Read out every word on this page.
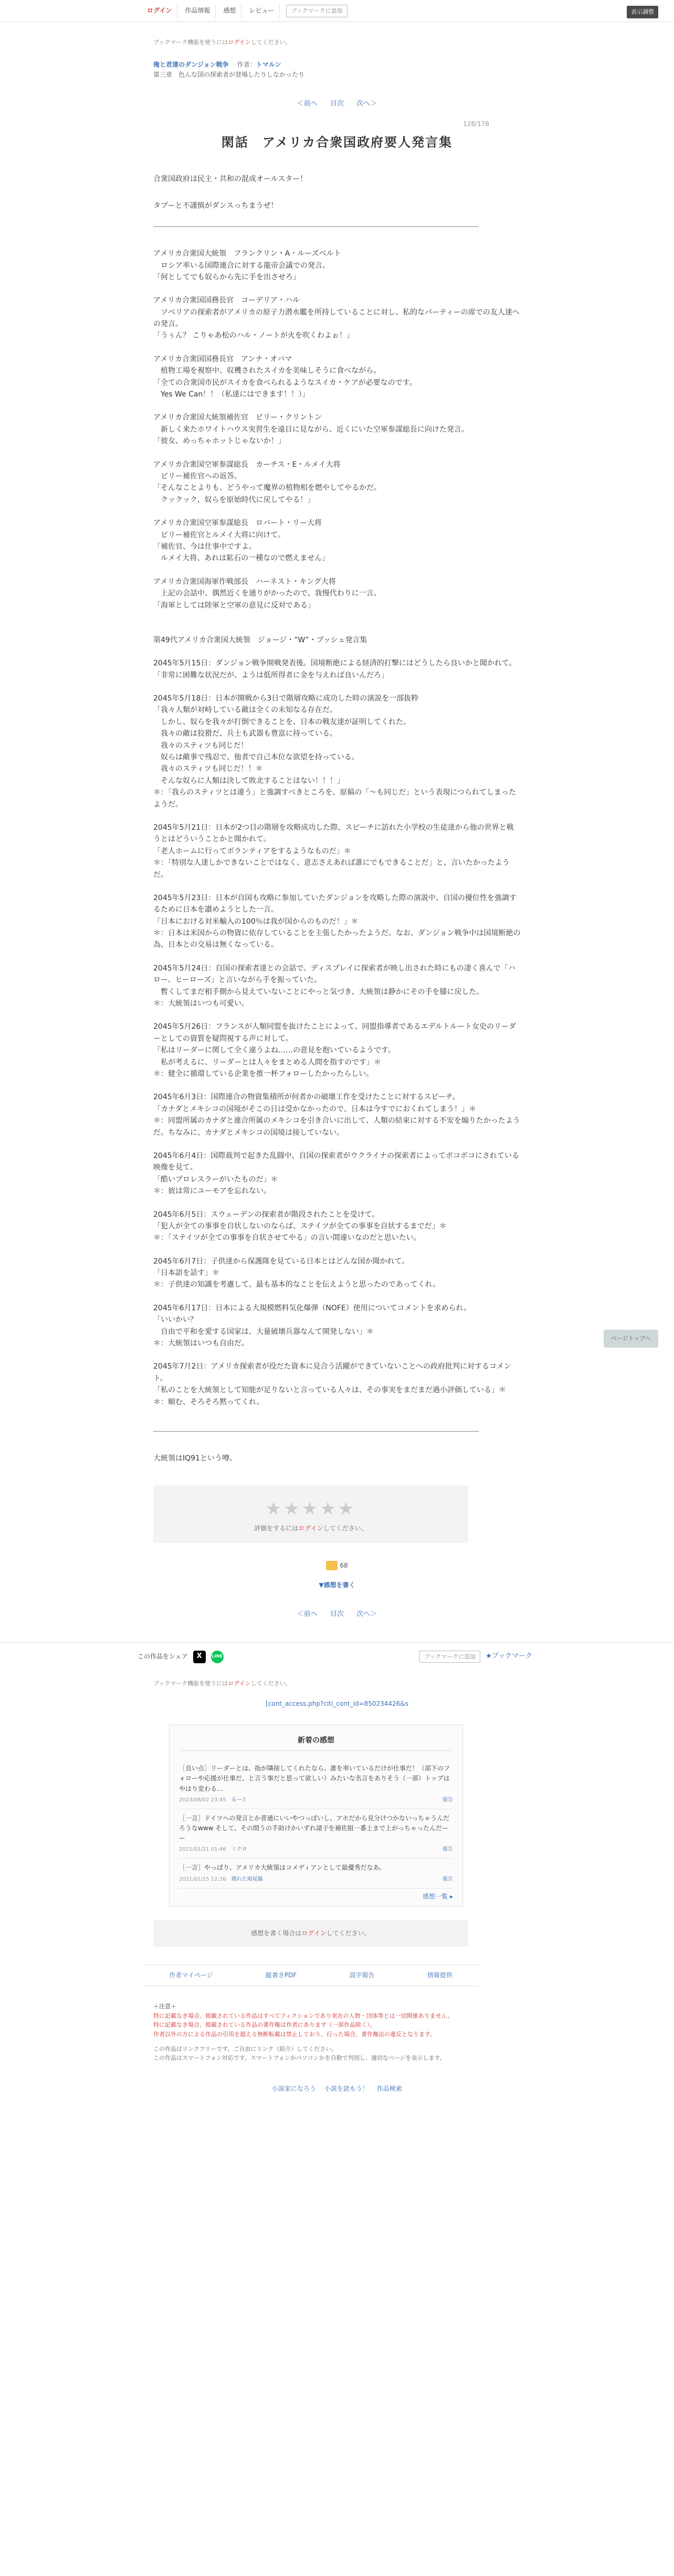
ログイン	作品情報	感想	レビュー	ブックマークに追加	表示調整
ブックマーク機能を使うにはログインしてください。
俺と君達のダンジョン戦争 作者：トマルン
第三章　色んな国の探索者が登場したりしなかったり
＜前へ 目次 次へ＞
128/178
閑話　アメリカ合衆国政府要人発言集

合衆国政府は民主・共和の混成オールスター！

タブーと不謹慎がダンスっちまうぜ！

アメリカ合衆国大統領　フランクリン・A・ルーズベルト

　ロシア率いる国際連合に対する龍帝会議での発言。

「何としてでも奴らから先に手を出させろ」

アメリカ合衆国国務長官　コーデリア・ハル

　ソベリアの探索者がアメリカの原子力潜水艦を所持していることに対し、私的なパーティーの席での友人達への発言。

「うぅん？ こりゃあ松のハル・ノートが火を吹くわよぉ！」

アメリカ合衆国国務長官　アンナ・オバマ

　植物工場を視察中、収穫されたスイカを美味しそうに食べながら。

「全ての合衆国市民がスイカを食べられるようなスイカ・ケアが必要なのです。

　Yes We Can！！（私達にはできます！！）」

アメリカ合衆国大統領補佐官　ビリー・クリントン

　新しく来たホワイトハウス実習生を遠目に見ながら、近くにいた空軍参謀総長に向けた発言。

「彼女、めっちゃホットじゃないか！」

アメリカ合衆国空軍参謀総長　カーチス・E・ルメイ大将

　ビリー補佐官への返答。

「そんなことよりも、どうやって魔界の植物相を燃やしてやるかだ。

　クックック、奴らを原始時代に戻してやる！」

アメリカ合衆国空軍参謀総長　ロバート・リー大将

　ビリー補佐官とルメイ大将に向けて。

「補佐官、今は仕事中ですよ。

　ルメイ大将、あれは鉱石の一種なので燃えません」

アメリカ合衆国海軍作戦部長　ハーネスト・キング大将

　上記の会話中、偶然近くを通りがかったので、我慢代わりに一言。

「海軍としては陸軍と空軍の意見に反対である」

第49代アメリカ合衆国大統領　ジョージ・”W”・ブッシュ発言集

2045年5月15日：ダンジョン戦争開戦発表後。国境断絶による経済的打撃にはどうしたら良いかと聞かれて。

「非常に困難な状況だが、ようは低所得者に金を与えれば良いんだろ」

2045年5月18日：日本が開戦から3日で階層攻略に成功した時の演説を一部抜粋

「我々人類が対峙している敵は全くの未知なる存在だ。

　しかし、奴らを我々が打倒できることを、日本の戦友達が証明してくれた。

　我々の敵は狡猾だ、兵士も武器も豊富に持っている。

　我々のスティツも同じだ！

　奴らは敵事で残忍で、他者で自己本位な欲望を持っている。

　我々のスティツも同じだ！！＊

　そんな奴らに人類は決して敗北することはない！！！」

＊：「我らのスティツとは違う」と強調すべきところを、原稿の「〜も同じだ」という表現につられてしまったようだ。

2045年5月21日：日本が2つ目の階層を攻略成功した際、スピーチに訪れた小学校の生徒達から他の世界と戦うとはどういうことかと聞かれて。

「老人ホームに行ってボランティアをするようなものだ」＊

＊：「特別な人達しかできないことではなく、意志さえあれば誰にでもできることだ」と、言いたかったようだ。

2045年5月23日：日本が自国も攻略に参加していたダンジョンを攻略した際の演説中、自国の優位性を強調するために日本を讃めようとした一言。

「日本における対米輸入の100％は我が国からのものだ！」＊

＊：日本は米国からの物資に依存していることを主張したかったようだ。なお、ダンジョン戦争中は国境断絶の為、日本との交易は無くなっている。

2045年5月24日：自国の探索者達との会話で。ディスプレイに探索者が映し出された時にもの凄く喜んで「ハロー、ヒーローズ」と言いながら手を振っていた。

　暫くしてまだ相手側から見えていないことにやっと気づき、大統領は静かにその手を膝に戻した。

＊：大統領はいつも可愛い。

2045年5月26日：フランスが人類同盟を抜けたことによって、同盟指導者であるエデルトルート女史のリーダーとしての資質を疑問視する声に対して。

「私はリーダーに関して全く違うよね……の意見を抱いているようです。

　私が考えるに、リーダーとは人々をまとめる人間を指すのです」＊

＊：健全に循環している企業を推一杯フォローしたかったらしい。

2045年6月3日：国際連合の物資集積所が何者かの破壊工作を受けたことに対するスピーチ。

「カナダとメキシコの国境がそこの日は受かなかったので、日本は今すでにおくれてしまう！」＊

＊：同盟所属のカナダと連合所属のメキシコを引き合いに出して、人類の結束に対する不安を煽りたかったようだ。ちなみに、カナダとメキシコの国境は接していない。

2045年6月4日：国際裁判で起きた乱闘中、自国の探索者がウクライナの探索者によってボコボコにされている映像を見て。

「酷いプロレスラーがいたものだ」＊

＊：彼は常にユーモアを忘れない。

2045年6月5日：スウェーデンの探索者が階段されたことを受けて。

「犯人が全ての事事を自状しないのならば、ステイツが全ての事事を自状するまでだ」＊

＊：「ステイツが全ての事事を自状させてやる」の言い間違いなのだと思いたい。

2045年6月7日：子供達から保護隊を見ている日本とはどんな国か聞かれて。

「日本語を話す」＊

＊：子供達の知識を考慮して、最も基本的なことを伝えようと思ったのであってくれ。

2045年6月17日：日本による大規模燃料気化爆弾（NOFE）使用についてコメントを求められ。

「いいかい？

　自由で平和を愛する国家は、大量破壊兵器なんて開発しない」＊

＊：大統領はいつも自由だ。

2045年7月2日：アメリカ探索者が役だた資本に見合う活躍ができていないことへの政府批判に対するコメント。

「私のことを大統領として知能が足りないと言っている人々は、その事実をまだまだ過小評価している」＊

＊：順む、そろそろ黙ってくれ。

大統領はIQ91という噂。
ページトップへ
★★★★★
評価をするにはログインしてください。
68
▼感想を書く
＜前へ 目次 次へ＞
この作品をシェア	X	LINE	ブックマークに追加	★ブックマーク
ブックマーク機能を使うにはログインしてください。
[cont_access.php?citi_cont_id=850234426&s
新着の感想
［良い点］リーダーとは、指が隣接してくれたなら、誰を率いているだけが仕事だ！（部下のフォローや応援が仕事だ、と言う事だと思って欲しい）みたいな名言をありそう（一部）トップはやはり変わる…
2023/08/02 23:45 るーと	報告
［一言］ドイツへの発言とか普通にいいやつっぽいし、アホだから見分けつかないっちゃうんだろうなwww そして、その間うの手助けかいずれ諸子を補佐組一番上まで上がっちゃったんだーー
2021/01/21 01:46 ミクロ	報告
［一言］やっぱり、アメリカ大統領はコメディアンとして最優秀だなあ。
2021/01/15 12:26 壊れた鳩尾鍋	報告
感想一覧 ▸
感想を書く場合はログインしてください。
作者マイページ	縦書きPDF	誤字報告	情報提供
＋注意＋
特に記載なき場合、掲載されている作品はすべてフィクションであり実在の人物・団体等とは一切関係ありません。
特に記載なき場合、掲載されている作品の著作権は作者にあります（一部作品除く）。
作者以外の方による作品の引用を超える無断転載は禁止しており、行った場合、著作権法の違反となります。
この作品はリンクフリーです。ご自由にリンク（紹介）してください。
この作品はスマートフォン対応です。スマートフォンかパソコンかを自動で判別し、適切なページを表示します。
小説家になろう 小説を読もう！ 作品検索
